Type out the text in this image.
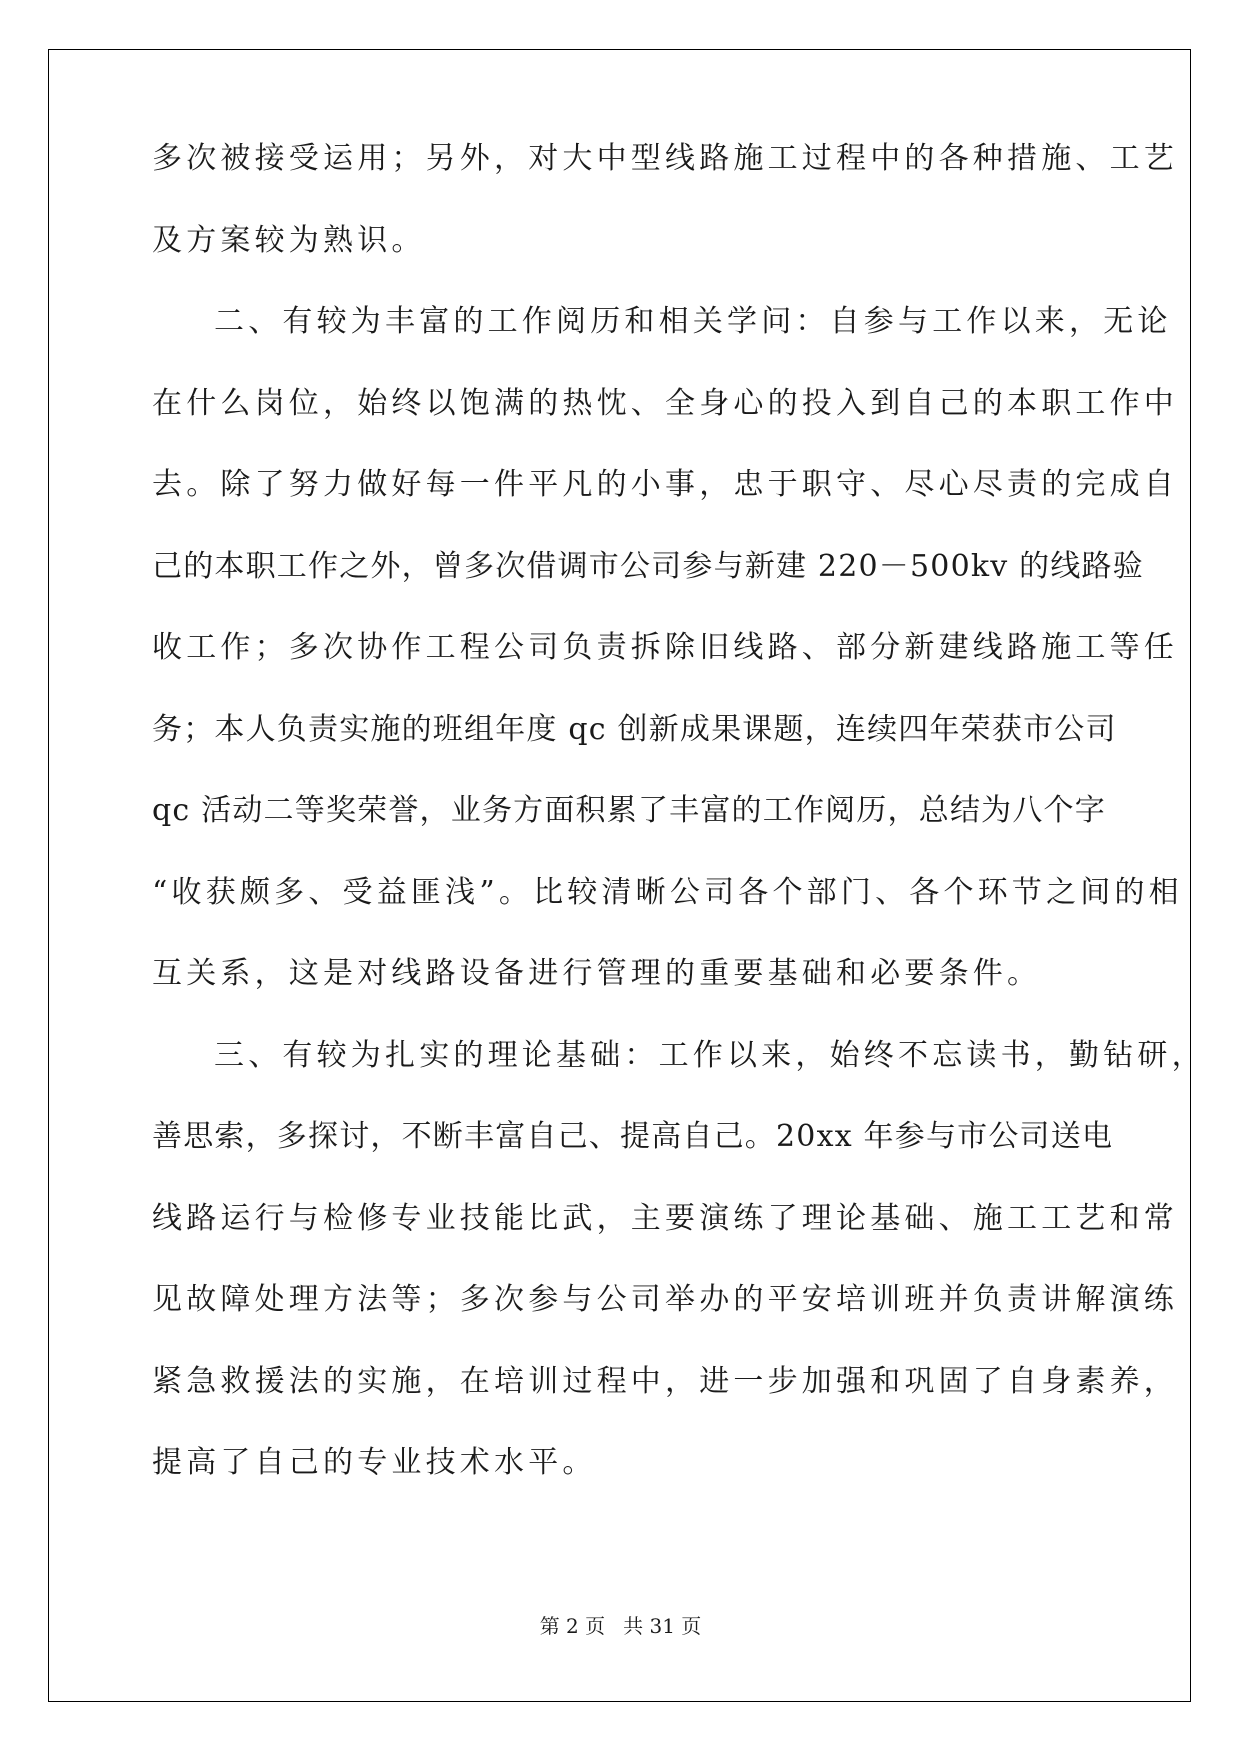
多次被接受运用；另外，对大中型线路施工过程中的各种措施、工艺
及方案较为熟识。
二、有较为丰富的工作阅历和相关学问：自参与工作以来，无论
在什么岗位，始终以饱满的热忱、全身心的投入到自己的本职工作中
去。除了努力做好每一件平凡的小事，忠于职守、尽心尽责的完成自
己的本职工作之外，曾多次借调市公司参与新建 220－500kv 的线路验
收工作；多次协作工程公司负责拆除旧线路、部分新建线路施工等任
务；本人负责实施的班组年度 qc 创新成果课题，连续四年荣获市公司
qc 活动二等奖荣誉，业务方面积累了丰富的工作阅历，总结为八个字
“收获颇多、受益匪浅”。比较清晰公司各个部门、各个环节之间的相
互关系，这是对线路设备进行管理的重要基础和必要条件。
三、有较为扎实的理论基础：工作以来，始终不忘读书，勤钻研，
善思索，多探讨，不断丰富自己、提高自己。20xx 年参与市公司送电
线路运行与检修专业技能比武，主要演练了理论基础、施工工艺和常
见故障处理方法等；多次参与公司举办的平安培训班并负责讲解演练
紧急救援法的实施，在培训过程中，进一步加强和巩固了自身素养，
提高了自己的专业技术水平。
第 2 页 共 31 页
